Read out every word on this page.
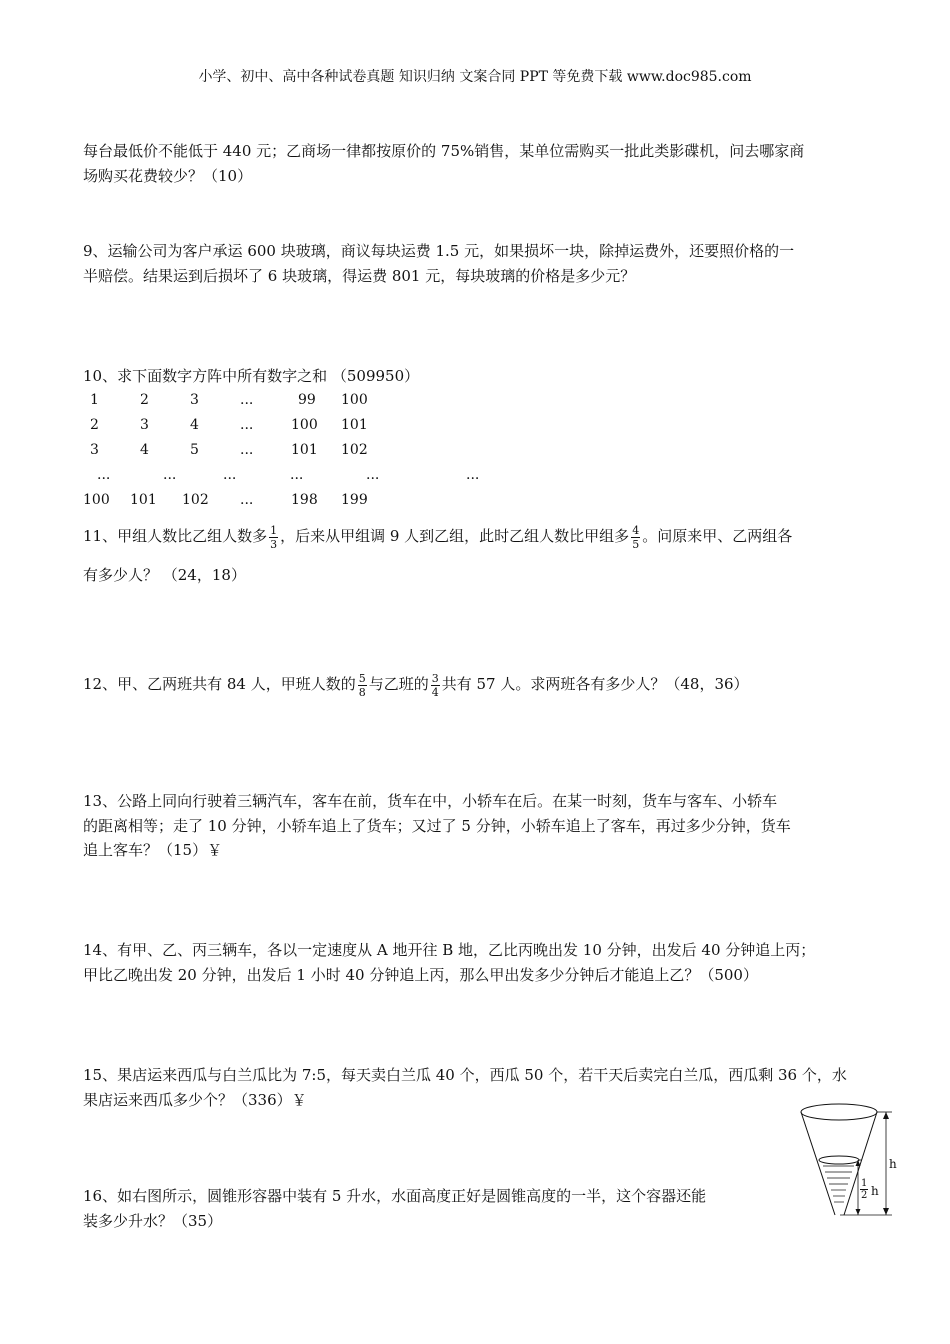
小学、初中、高中各种试卷真题 知识归纳 文案合同 PPT 等免费下载 www.doc985.com
每台最低价不能低于 440 元；乙商场一律都按原价的 75%销售，某单位需购买一批此类影碟机，问去哪家商
场购买花费较少？（10）
9、运输公司为客户承运 600 块玻璃，商议每块运费 1.5 元，如果损坏一块，除掉运费外，还要照价格的一
半赔偿。结果运到后损坏了 6 块玻璃，得运费 801 元，每块玻璃的价格是多少元？
10、求下面数字方阵中所有数字之和 （509950）
1	2	3	...	99 100
2	3	4	...	100 101
3	4	5	...	101 102
...	...	...	...	...	...
100 101 102 ...	198 199
11、甲组人数比乙组人数多 $\frac{1}{3}$ ，后来从甲组调 9 人到乙组，此时乙组人数比甲组多 $\frac{4}{5}$ 。问原来甲、乙两组各
有多少人？ （24，18）
12、甲、乙两班共有 84 人，甲班人数的 $\frac{5}{8}$ 与乙班的 $\frac{3}{4}$ 共有 57 人。求两班各有多少人？（48，36）
13、公路上同向行驶着三辆汽车，客车在前，货车在中，小轿车在后。在某一时刻，货车与客车、小轿车
的距离相等；走了 10 分钟，小轿车追上了货车；又过了 5 分钟，小轿车追上了客车，再过多少分钟，货车
追上客车？（15）￥
14、有甲、乙、丙三辆车，各以一定速度从 A 地开往 B 地，乙比丙晚出发 10 分钟，出发后 40 分钟追上丙；
甲比乙晚出发 20 分钟，出发后 1 小时 40 分钟追上丙，那么甲出发多少分钟后才能追上乙？（500）
15、果店运来西瓜与白兰瓜比为 7:5，每天卖白兰瓜 40 个，西瓜 50 个，若干天后卖完白兰瓜，西瓜剩 36 个，水
果店运来西瓜多少个？（336）￥
16、如右图所示，圆锥形容器中装有 5 升水，水面高度正好是圆锥高度的一半，这个容器还能
装多少升水？（35）
h
$\frac{1}{2}$ h
